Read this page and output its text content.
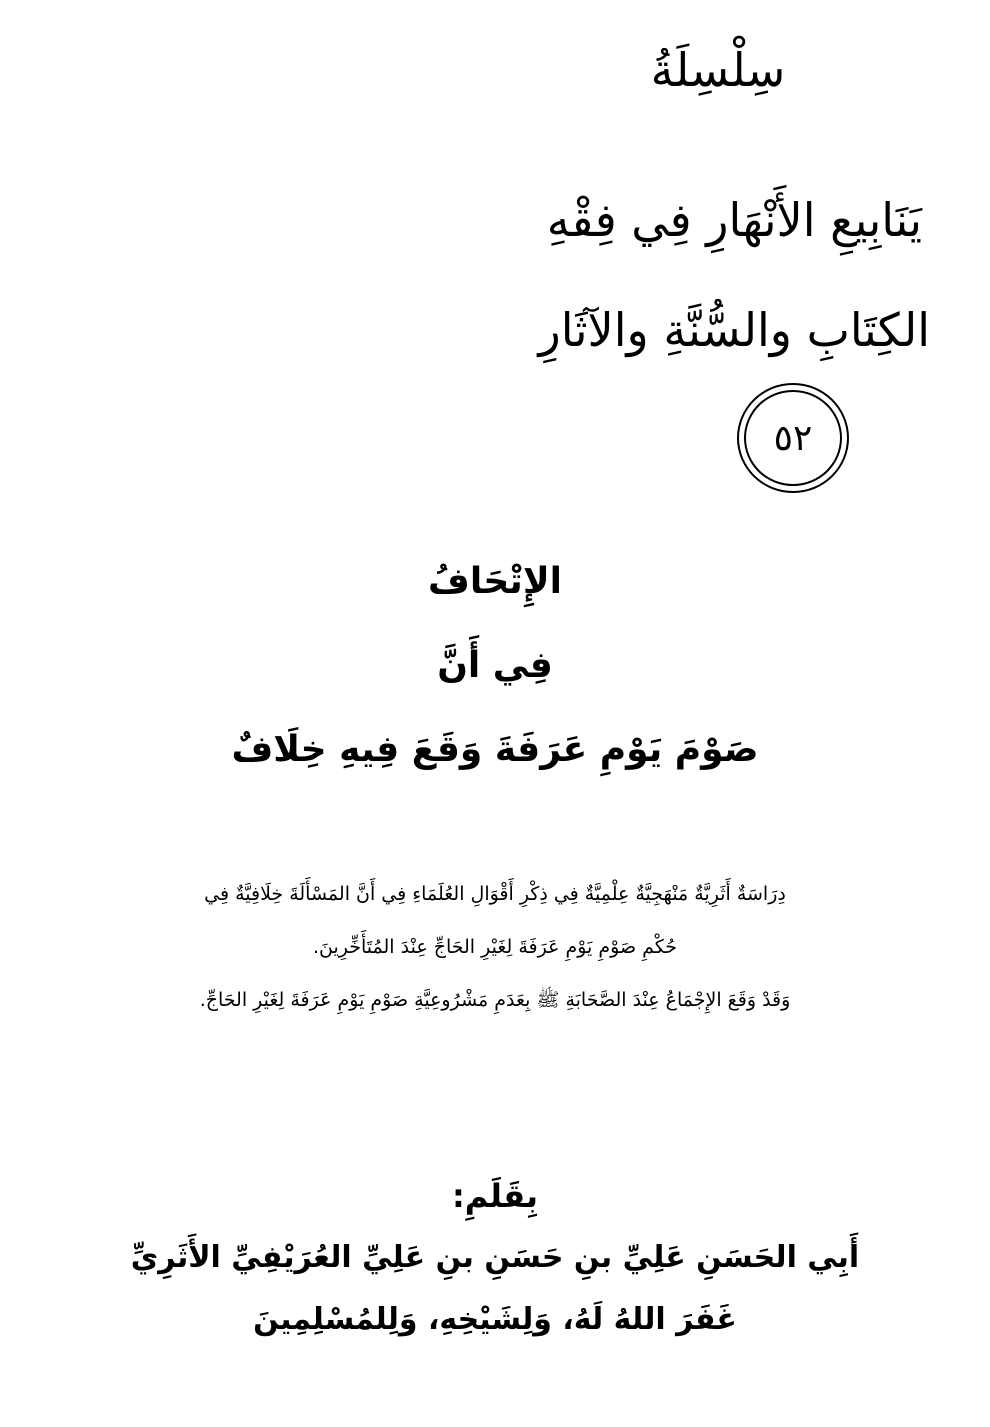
سِلْسِلَةُ

يَنَابِيعِ الأَنْهَارِ فِي فِقْهِ
الكِتَابِ والسُّنَّةِ والآثَارِ
٥٢
الإِتْحَافُ
فِي أَنَّ
صَوْمَ يَوْمِ عَرَفَةَ وَقَعَ فِيهِ خِلَافٌ

دِرَاسَةٌ أَثَرِيَّةٌ مَنْهَجِيَّةٌ عِلْمِيَّةٌ فِي ذِكْرِ أَقْوَالِ العُلَمَاءِ فِي أَنَّ المَسْأَلَةَ خِلَافِيَّةٌ فِي

حُكْمِ صَوْمِ يَوْمِ عَرَفَةَ لِغَيْرِ الحَاجِّ عِنْدَ المُتَأَخِّرِينَ.

وَقَدْ وَقَعَ الإِجْمَاعُ عِنْدَ الصَّحَابَةِ ﷺ بِعَدَمِ مَشْرُوعِيَّةِ صَوْمِ يَوْمِ عَرَفَةَ لِغَيْرِ الحَاجِّ.

بِقَلَمِ:
أَبِي الحَسَنِ عَلِيِّ بنِ حَسَنِ بنِ عَلِيِّ العُرَيْفِيِّ الأَثَرِيِّ
غَفَرَ اللهُ لَهُ، وَلِشَيْخِهِ، وَلِلمُسْلِمِينَ
